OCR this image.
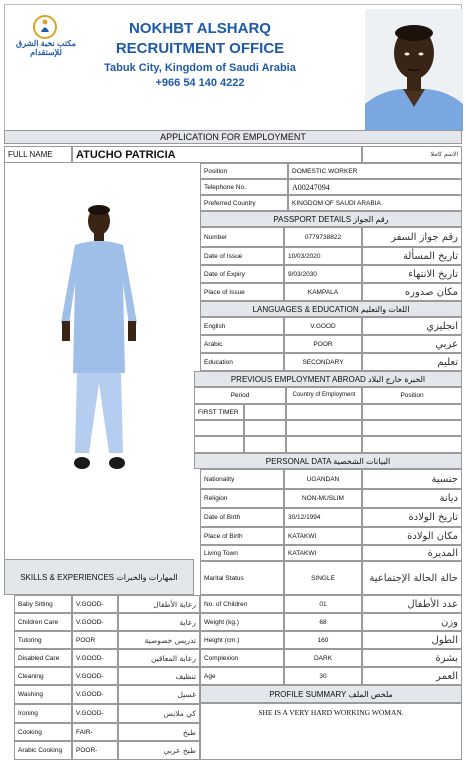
مكتب نخبة الشرق للإستقدام
NOKHBT ALSHARQ
RECRUITMENT OFFICE
Tabuk City, Kingdom of Saudi Arabia
+966 54 140 4222
APPLICATION FOR EMPLOYMENT
FULL NAME	ATUCHO PATRICIA	الاسم كاملا
Position	DOMESTIC WORKER
Telephone No.	A00247094
Preferred Country	KINGDOM OF SAUDI ARABIA
PASSPORT DETAILS رقم الجواز
Number	0779738822	رقم جواز السفر
Date of Issue	10/03/2020	تاريخ المسألة
Date of Expiry	9/03/2030	تاريخ الانتهاء
Place of Issue	KAMPALA	مكان صدوره
LANGUAGES & EDUCATION اللغات والتعليم
English	V.GOOD	انجليزي
Arabic	POOR	عربي
Education	SECONDARY	تعليم
PREVIOUS EMPLOYMENT ABROAD الخبرة خارج البلاد
Period	Country of Employment	Position
FIRST TIMER
PERSONAL DATA البيانات الشخصية
Nationality	UGANDAN	جنسية
Religion	NON-MUSLIM	ديانة
Date of Birth	30/12/1994	تاريخ الولادة
Place of Birth	KATAKWI	مكان الولادة
Living Town	KATAKWI	المديرة
Marital Status	SINGLE	حالة الحالة الإجتماعية
No. of Children	01	عدد الأطفال
Weight (kg.)	68	وزن
Height (cm.)	160	الطول
Complexion	DARK	بشرة
Age	30	العمر
SKILLS & EXPERIENCES المهارات والخبرات
Baby Sitting	V.GOOD-	رعاية الأطفال
Children Care	V.GOOD-	رعاية
Tutoring	POOR	تدريس خصوصية
Disabled Care	V.GOOD-	رعاية المعاقين
Cleaning	V.GOOD-	تنظيف
Washing	V.GOOD-	غسيل
Ironing	V.GOOD-	كي ملابس
Cooking	FAIR-	طبخ
Arabic Cooking	POOR-	طبخ عربي
PROFILE SUMMARY ملخص الملف
SHE IS A VERY HARD WORKING WOMAN.
